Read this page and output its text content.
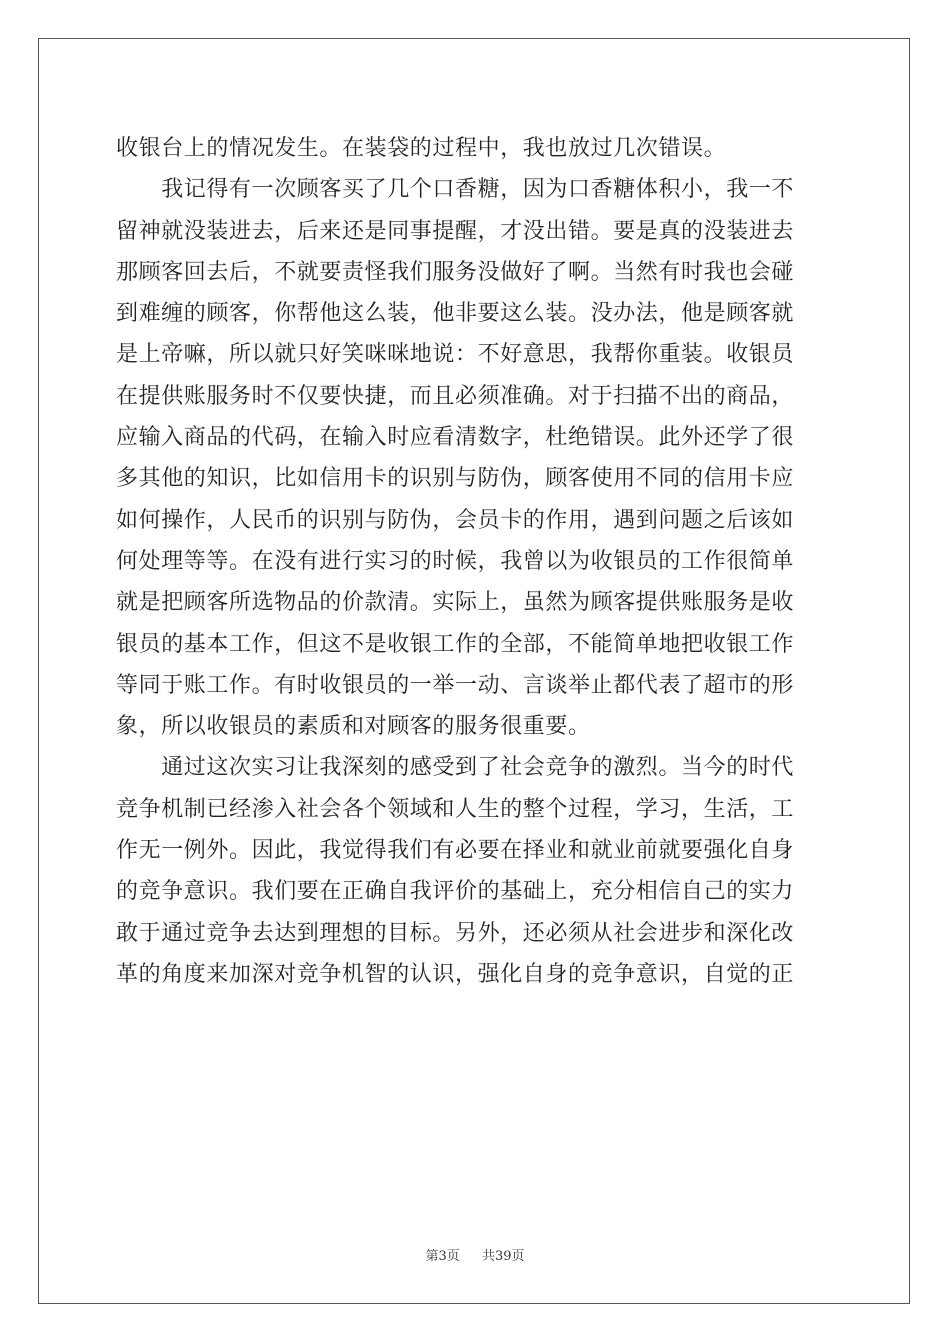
收银台上的情况发生。在装袋的过程中，我也放过几次错误。
　　我记得有一次顾客买了几个口香糖，因为口香糖体积小，我一不
留神就没装进去，后来还是同事提醒，才没出错。要是真的没装进去
那顾客回去后，不就要责怪我们服务没做好了啊。当然有时我也会碰
到难缠的顾客，你帮他这么装，他非要这么装。没办法，他是顾客就
是上帝嘛，所以就只好笑咪咪地说：不好意思，我帮你重装。收银员
在提供账服务时不仅要快捷，而且必须准确。对于扫描不出的商品，
应输入商品的代码，在输入时应看清数字，杜绝错误。此外还学了很
多其他的知识，比如信用卡的识别与防伪，顾客使用不同的信用卡应
如何操作，人民币的识别与防伪，会员卡的作用，遇到问题之后该如
何处理等等。在没有进行实习的时候，我曾以为收银员的工作很简单
就是把顾客所选物品的价款清。实际上，虽然为顾客提供账服务是收
银员的基本工作，但这不是收银工作的全部，不能简单地把收银工作
等同于账工作。有时收银员的一举一动、言谈举止都代表了超市的形
象，所以收银员的素质和对顾客的服务很重要。
　　通过这次实习让我深刻的感受到了社会竞争的激烈。当今的时代
竞争机制已经渗入社会各个领域和人生的整个过程，学习，生活，工
作无一例外。因此，我觉得我们有必要在择业和就业前就要强化自身
的竞争意识。我们要在正确自我评价的基础上，充分相信自己的实力
敢于通过竞争去达到理想的目标。另外，还必须从社会进步和深化改
革的角度来加深对竞争机智的认识，强化自身的竞争意识，自觉的正
第3页 共39页
